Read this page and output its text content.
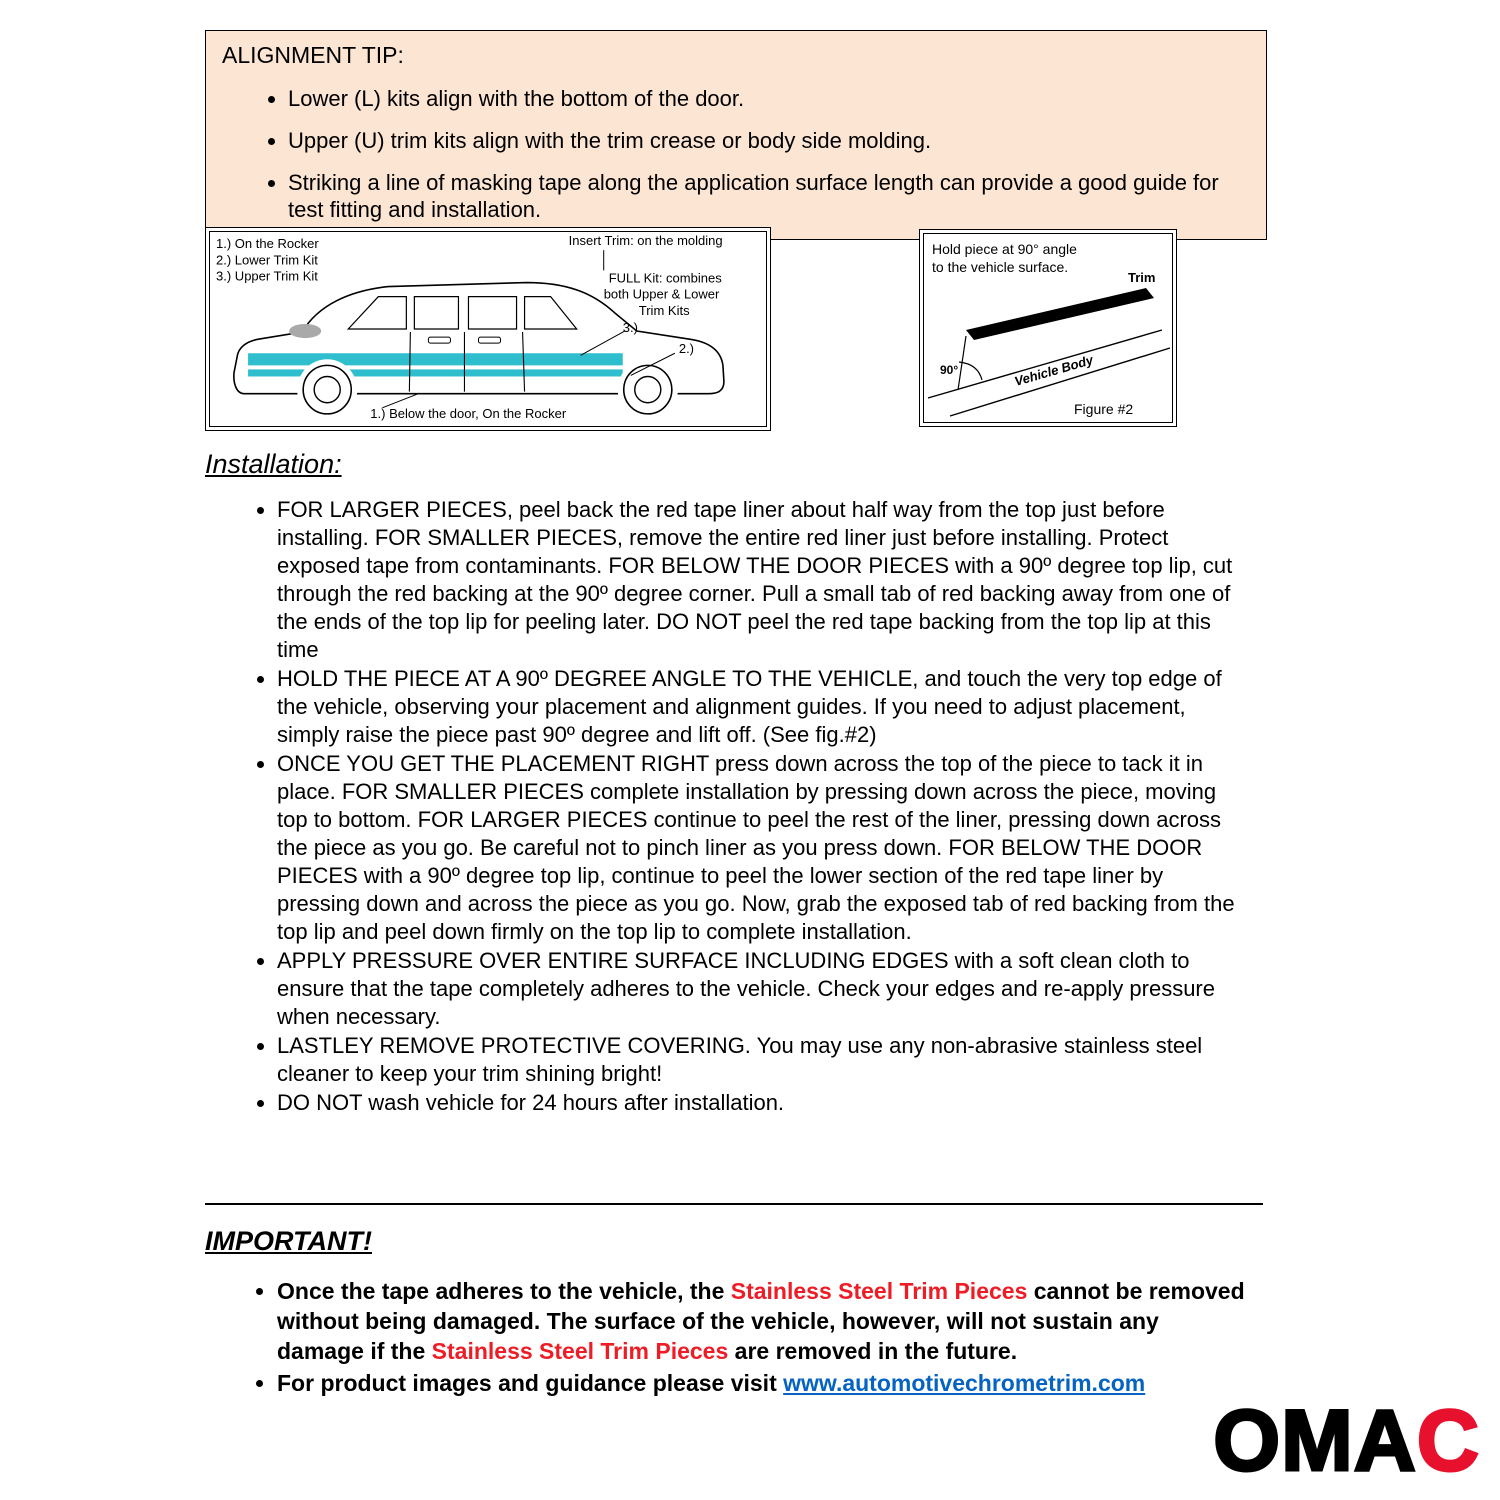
ALIGNMENT TIP:
• Lower (L) kits align with the bottom of the door.
• Upper (U) trim kits align with the trim crease or body side molding.
• Striking a line of masking tape along the application surface length can provide a good guide for test fitting and installation.
1.) On the Rocker
2.) Lower Trim Kit
3.) Upper Trim Kit
Insert Trim: on the molding
FULL Kit: combines
both Upper & Lower
Trim Kits
3.)
2.)
1.) Below the door, On the Rocker
Hold piece at 90° angle
to the vehicle surface.
Trim
90°	Vehicle Body
Figure #2
Installation:
• FOR LARGER PIECES, peel back the red tape liner about half way from the top just before installing. FOR SMALLER PIECES, remove the entire red liner just before installing. Protect exposed tape from contaminants. FOR BELOW THE DOOR PIECES with a 90º degree top lip, cut through the red backing at the 90º degree corner. Pull a small tab of red backing away from one of the ends of the top lip for peeling later. DO NOT peel the red tape backing from the top lip at this time
• HOLD THE PIECE AT A 90º DEGREE ANGLE TO THE VEHICLE, and touch the very top edge of the vehicle, observing your placement and alignment guides. If you need to adjust placement, simply raise the piece past 90º degree and lift off. (See fig.#2)
• ONCE YOU GET THE PLACEMENT RIGHT press down across the top of the piece to tack it in place. FOR SMALLER PIECES complete installation by pressing down across the piece, moving top to bottom. FOR LARGER PIECES continue to peel the rest of the liner, pressing down across the piece as you go. Be careful not to pinch liner as you press down. FOR BELOW THE DOOR PIECES with a 90º degree top lip, continue to peel the lower section of the red tape liner by pressing down and across the piece as you go. Now, grab the exposed tab of red backing from the top lip and peel down firmly on the top lip to complete installation.
• APPLY PRESSURE OVER ENTIRE SURFACE INCLUDING EDGES with a soft clean cloth to ensure that the tape completely adheres to the vehicle. Check your edges and re-apply pressure when necessary.
• LASTLEY REMOVE PROTECTIVE COVERING. You may use any non-abrasive stainless steel cleaner to keep your trim shining bright!
• DO NOT wash vehicle for 24 hours after installation.
IMPORTANT!
• Once the tape adheres to the vehicle, the Stainless Steel Trim Pieces cannot be removed without being damaged. The surface of the vehicle, however, will not sustain any damage if the Stainless Steel Trim Pieces are removed in the future.
• For product images and guidance please visit www.automotivechrometrim.com
OMAC
